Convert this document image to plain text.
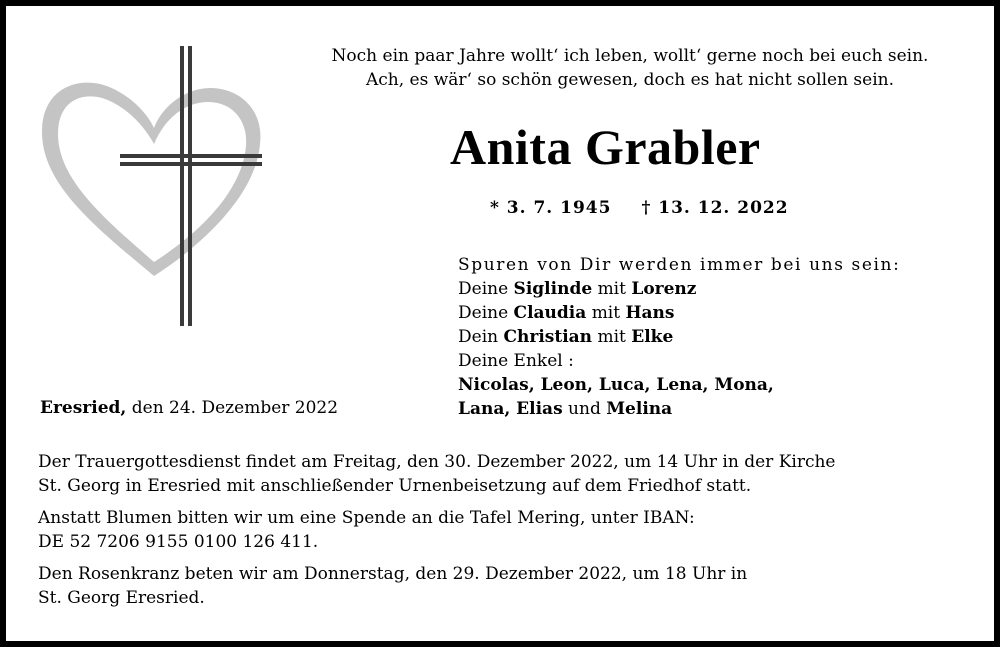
Noch ein paar Jahre wollt‘ ich leben, wollt‘ gerne noch bei euch sein.
Ach, es wär‘ so schön gewesen, doch es hat nicht sollen sein.
Anita Grabler
* 3. 7. 1945 † 13. 12. 2022
Spuren von Dir werden immer bei uns sein:
Deine Siglinde mit Lorenz
Deine Claudia mit Hans
Dein Christian mit Elke
Deine Enkel :
Nicolas, Leon, Luca, Lena, Mona,
Lana, Elias und Melina
Eresried, den 24. Dezember 2022
Der Trauergottesdienst findet am Freitag, den 30. Dezember 2022, um 14 Uhr in der Kirche
St. Georg in Eresried mit anschließender Urnenbeisetzung auf dem Friedhof statt.
Anstatt Blumen bitten wir um eine Spende an die Tafel Mering, unter IBAN:
DE 52 7206 9155 0100 126 411.
Den Rosenkranz beten wir am Donnerstag, den 29. Dezember 2022, um 18 Uhr in
St. Georg Eresried.
